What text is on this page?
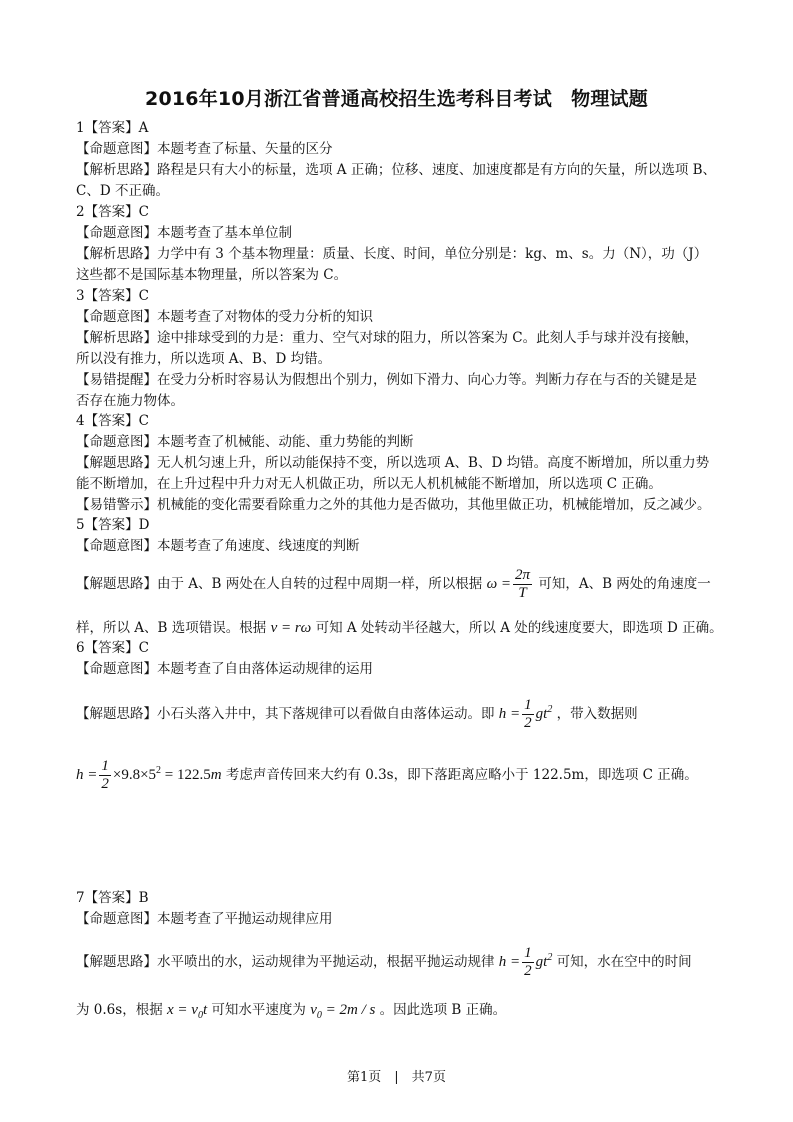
2016年10月浙江省普通高校招生选考科目考试　物理试题
1【答案】A
【命题意图】本题考查了标量、矢量的区分
【解析思路】路程是只有大小的标量，选项 A 正确；位移、速度、加速度都是有方向的矢量，所以选项 B、
C、D 不正确。
2【答案】C
【命题意图】本题考查了基本单位制
【解析思路】力学中有 3 个基本物理量：质量、长度、时间，单位分别是：kg、m、s。力（N），功（J）
这些都不是国际基本物理量，所以答案为 C。
3【答案】C
【命题意图】本题考查了对物体的受力分析的知识
【解析思路】途中排球受到的力是：重力、空气对球的阻力，所以答案为 C。此刻人手与球并没有接触，
所以没有推力，所以选项 A、B、D 均错。
【易错提醒】在受力分析时容易认为假想出个别力，例如下滑力、向心力等。判断力存在与否的关键是是
否存在施力物体。
4【答案】C
【命题意图】本题考查了机械能、动能、重力势能的判断
【解题思路】无人机匀速上升，所以动能保持不变，所以选项 A、B、D 均错。高度不断增加，所以重力势
能不断增加，在上升过程中升力对无人机做正功，所以无人机机械能不断增加，所以选项 C 正确。
【易错警示】机械能的变化需要看除重力之外的其他力是否做功，其他里做正功，机械能增加，反之减少。
5【答案】D
【命题意图】本题考查了角速度、线速度的判断
【解题思路】由于 A、B 两处在人自转的过程中周期一样，所以根据 $\omega = \frac{2\pi}{T}$ 可知，A、B 两处的角速度一
样，所以 A、B 选项错误。根据 v = rω 可知 A 处转动半径越大，所以 A 处的线速度要大，即选项 D 正确。
6【答案】C
【命题意图】本题考查了自由落体运动规律的运用
【解题思路】小石头落入井中，其下落规律可以看做自由落体运动。即 $h = \frac{1}{2} gt^2$ ，带入数据则
$h = \frac{1}{2} \times 9.8\times 5^2 = 122.5m$ 考虑声音传回来大约有 0.3s，即下落距离应略小于 122.5m，即选项 C 正确。
7【答案】B
【命题意图】本题考查了平抛运动规律应用
【解题思路】水平喷出的水，运动规律为平抛运动，根据平抛运动规律 $h = \frac{1}{2} gt^2$ 可知，水在空中的时间
为 0.6s，根据 $x = v_0t$ 可知水平速度为 $v_0 = 2m / s$ 。因此选项 B 正确。
第1页　|　共7页
